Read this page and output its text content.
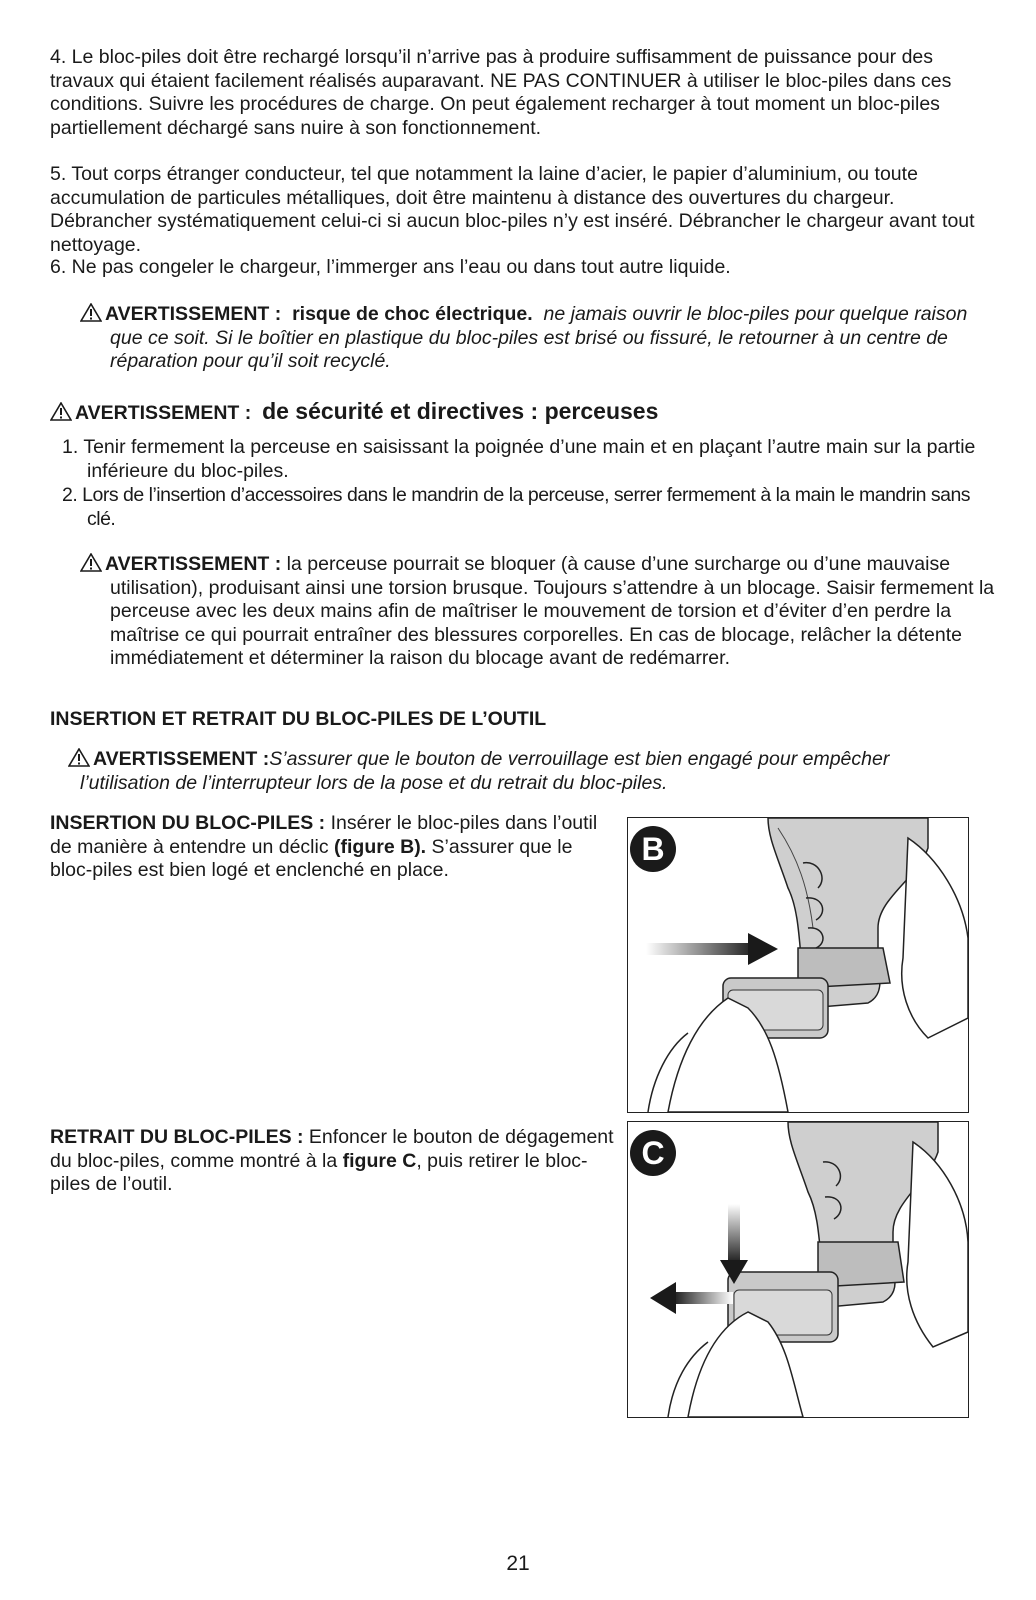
4. Le bloc-piles doit être rechargé lorsqu’il n’arrive pas à produire suffisamment de puissance pour des travaux qui étaient facilement réalisés auparavant. NE PAS CONTINUER à utiliser le bloc-piles dans ces conditions. Suivre les procédures de charge. On peut également recharger à tout moment un bloc-piles partiellement déchargé sans nuire à son fonctionnement.

5. Tout corps étranger conducteur, tel que notamment la laine d’acier, le papier d’aluminium, ou toute accumulation de particules métalliques, doit être maintenu à distance des ouvertures du chargeur. Débrancher systématiquement celui-ci si aucun bloc-piles n’y est inséré. Débrancher le chargeur avant tout nettoyage.

6. Ne pas congeler le chargeur, l’immerger ans l’eau ou dans tout autre liquide.

AVERTISSEMENT : risque de choc électrique. ne jamais ouvrir le bloc-piles pour quelque raison que ce soit. Si le boîtier en plastique du bloc-piles est brisé ou fissuré, le retourner à un centre de réparation pour qu’il soit recyclé.

AVERTISSEMENT : de sécurité et directives : perceuses

1. Tenir fermement la perceuse en saisissant la poignée d’une main et en plaçant l’autre main sur la partie inférieure du bloc-piles.

2. Lors de l’insertion d’accessoires dans le mandrin de la perceuse, serrer fermement à la main le mandrin sans clé.

AVERTISSEMENT : la perceuse pourrait se bloquer (à cause d’une surcharge ou d’une mauvaise utilisation), produisant ainsi une torsion brusque. Toujours s’attendre à un blocage. Saisir fermement la perceuse avec les deux mains afin de maîtriser le mouvement de torsion et d’éviter d’en perdre la maîtrise ce qui pourrait entraîner des blessures corporelles. En cas de blocage, relâcher la détente immédiatement et déterminer la raison du blocage avant de redémarrer.

INSERTION ET RETRAIT DU BLOC-PILES DE L’OUTIL

AVERTISSEMENT :S’assurer que le bouton de verrouillage est bien engagé pour empêcher l’utilisation de l’interrupteur lors de la pose et du retrait du bloc-piles.

INSERTION DU BLOC-PILES : Insérer le bloc-piles dans l’outil de manière à entendre un déclic (figure B). S’assurer que le bloc-piles est bien logé et enclenché en place.

B

RETRAIT DU BLOC-PILES : Enfoncer le bouton de dégagement du bloc-piles, comme montré à la figure C, puis retirer le bloc-piles de l’outil.

C

21
